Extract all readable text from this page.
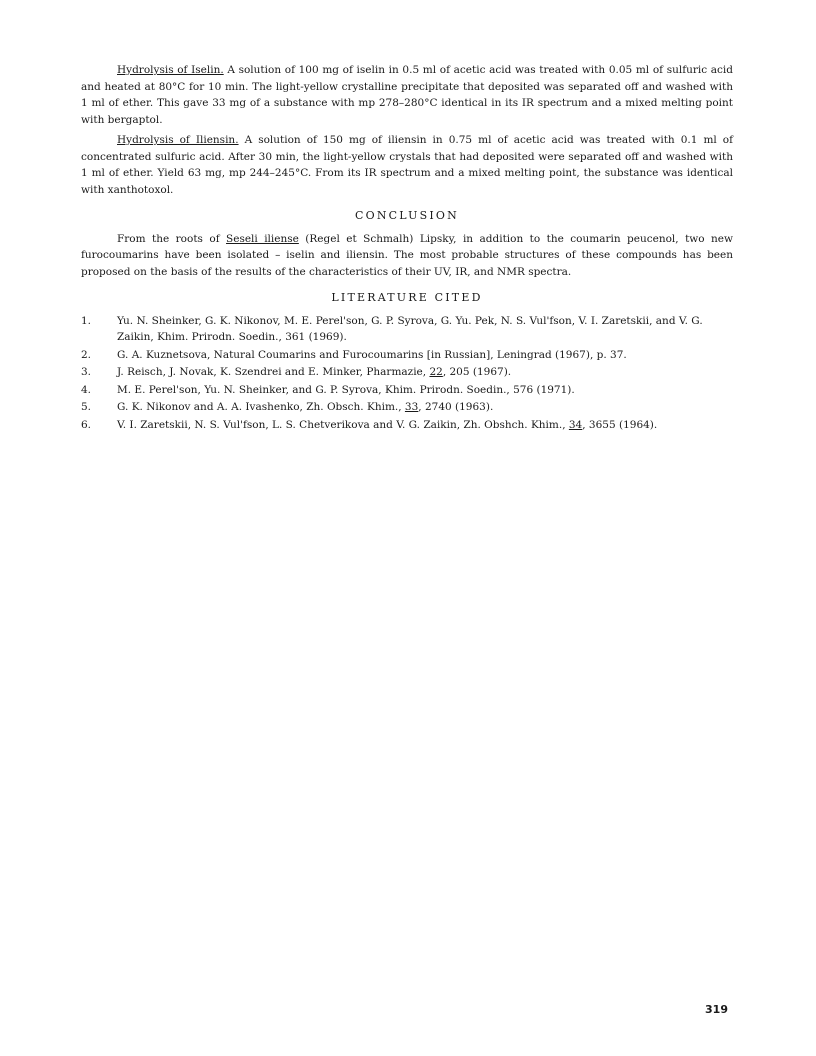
Hydrolysis of Iselin. A solution of 100 mg of iselin in 0.5 ml of acetic acid was treated with 0.05 ml of sulfuric acid and heated at 80°C for 10 min. The light-yellow crystalline precipitate that deposited was separated off and washed with 1 ml of ether. This gave 33 mg of a substance with mp 278–280°C identical in its IR spectrum and a mixed melting point with bergaptol.

Hydrolysis of Iliensin. A solution of 150 mg of iliensin in 0.75 ml of acetic acid was treated with 0.1 ml of concentrated sulfuric acid. After 30 min, the light-yellow crystals that had deposited were separated off and washed with 1 ml of ether. Yield 63 mg, mp 244–245°C. From its IR spectrum and a mixed melting point, the substance was identical with xanthotoxol.

CONCLUSION

From the roots of Seseli iliense (Regel et Schmalh) Lipsky, in addition to the coumarin peucenol, two new furocoumarins have been isolated – iselin and iliensin. The most probable structures of these compounds has been proposed on the basis of the results of the characteristics of their UV, IR, and NMR spectra.

LITERATURE CITED
1. Yu. N. Sheinker, G. K. Nikonov, M. E. Perel'son, G. P. Syrova, G. Yu. Pek, N. S. Vul'fson, V. I. Zaretskii, and V. G. Zaikin, Khim. Prirodn. Soedin., 361 (1969).
2. G. A. Kuznetsova, Natural Coumarins and Furocoumarins [in Russian], Leningrad (1967), p. 37.
3. J. Reisch, J. Novak, K. Szendrei and E. Minker, Pharmazie, 22, 205 (1967).
4. M. E. Perel'son, Yu. N. Sheinker, and G. P. Syrova, Khim. Prirodn. Soedin., 576 (1971).
5. G. K. Nikonov and A. A. Ivashenko, Zh. Obsch. Khim., 33, 2740 (1963).
6. V. I. Zaretskii, N. S. Vul'fson, L. S. Chetverikova and V. G. Zaikin, Zh. Obshch. Khim., 34, 3655 (1964).
319
